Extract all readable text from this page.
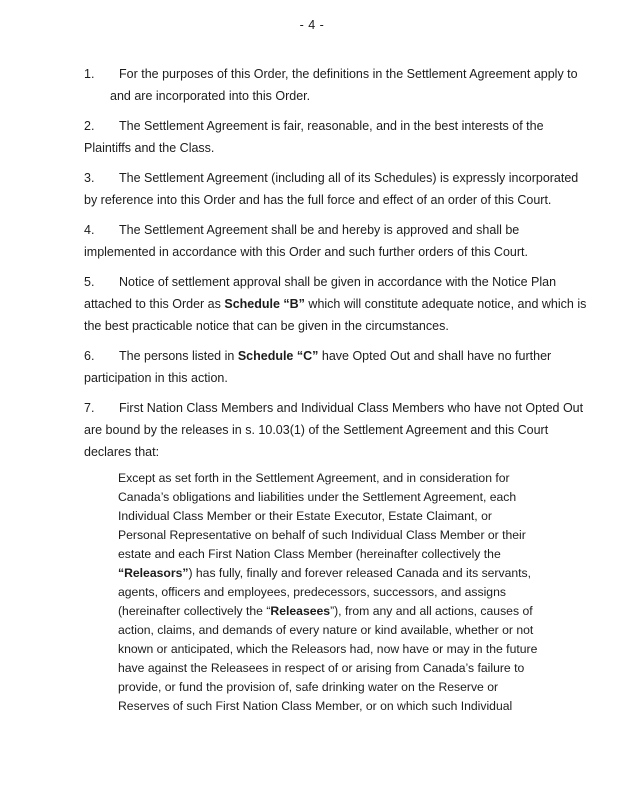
- 4 -
1. For the purposes of this Order, the definitions in the Settlement Agreement apply to
and are incorporated into this Order.
2. The Settlement Agreement is fair, reasonable, and in the best interests of the
Plaintiffs and the Class.
3. The Settlement Agreement (including all of its Schedules) is expressly incorporated
by reference into this Order and has the full force and effect of an order of this Court.
4. The Settlement Agreement shall be and hereby is approved and shall be
implemented in accordance with this Order and such further orders of this Court.
5. Notice of settlement approval shall be given in accordance with the Notice Plan
attached to this Order as Schedule “B” which will constitute adequate notice, and which is
the best practicable notice that can be given in the circumstances.
6. The persons listed in Schedule “C” have Opted Out and shall have no further
participation in this action.
7. First Nation Class Members and Individual Class Members who have not Opted Out
are bound by the releases in s. 10.03(1) of the Settlement Agreement and this Court
declares that:
Except as set forth in the Settlement Agreement, and in consideration for
Canada’s obligations and liabilities under the Settlement Agreement, each
Individual Class Member or their Estate Executor, Estate Claimant, or
Personal Representative on behalf of such Individual Class Member or their
estate and each First Nation Class Member (hereinafter collectively the
“Releasors”) has fully, finally and forever released Canada and its servants,
agents, officers and employees, predecessors, successors, and assigns
(hereinafter collectively the “Releasees”), from any and all actions, causes of
action, claims, and demands of every nature or kind available, whether or not
known or anticipated, which the Releasors had, now have or may in the future
have against the Releasees in respect of or arising from Canada’s failure to
provide, or fund the provision of, safe drinking water on the Reserve or
Reserves of such First Nation Class Member, or on which such Individual
